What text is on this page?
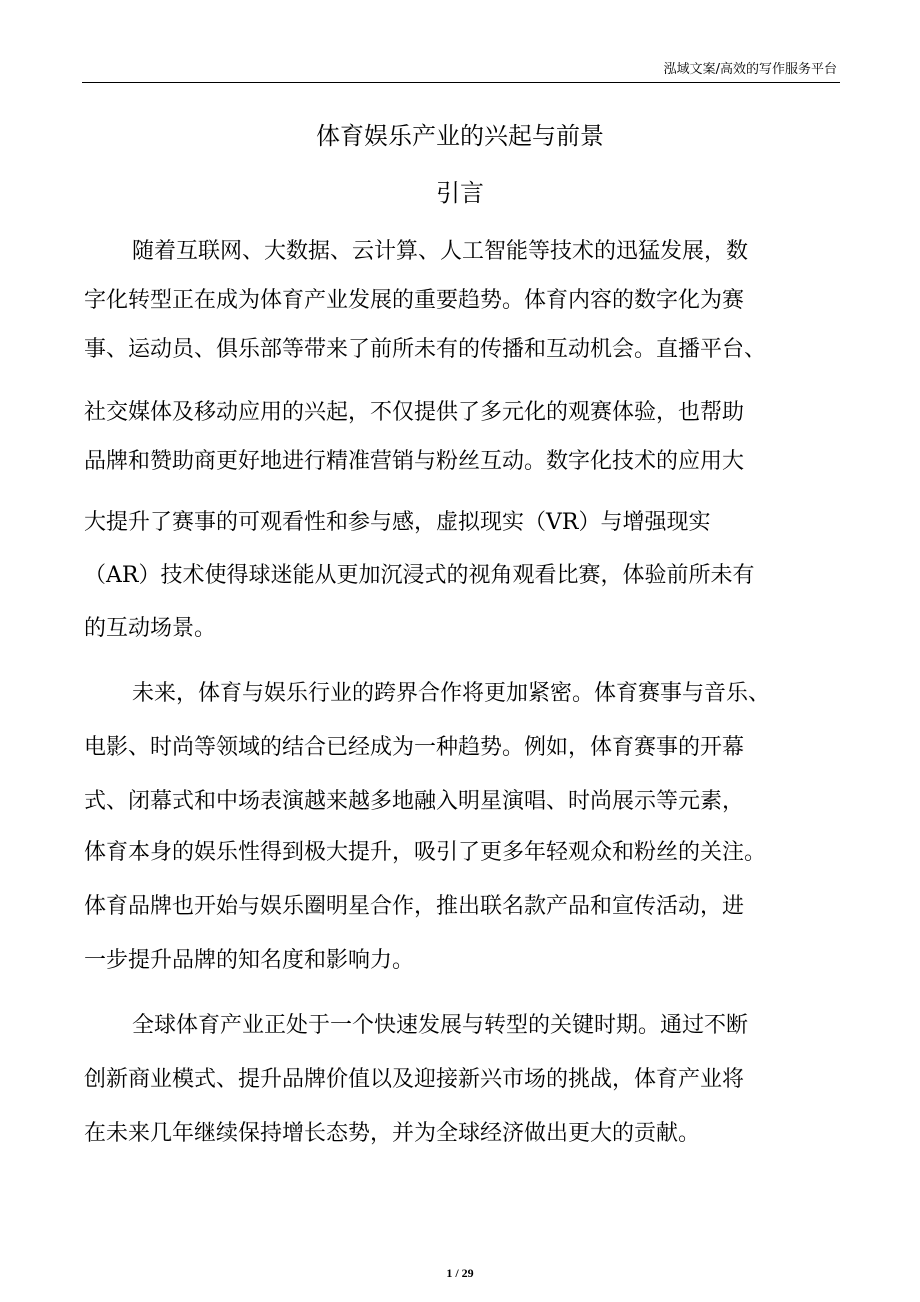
泓域文案/高效的写作服务平台
体育娱乐产业的兴起与前景
引言
随着互联网、大数据、云计算、人工智能等技术的迅猛发展，数
字化转型正在成为体育产业发展的重要趋势。体育内容的数字化为赛
事、运动员、俱乐部等带来了前所未有的传播和互动机会。直播平台、
社交媒体及移动应用的兴起，不仅提供了多元化的观赛体验，也帮助
品牌和赞助商更好地进行精准营销与粉丝互动。数字化技术的应用大
大提升了赛事的可观看性和参与感，虚拟现实（VR）与增强现实
（AR）技术使得球迷能从更加沉浸式的视角观看比赛，体验前所未有
的互动场景。
未来，体育与娱乐行业的跨界合作将更加紧密。体育赛事与音乐、
电影、时尚等领域的结合已经成为一种趋势。例如，体育赛事的开幕
式、闭幕式和中场表演越来越多地融入明星演唱、时尚展示等元素，
体育本身的娱乐性得到极大提升，吸引了更多年轻观众和粉丝的关注。
体育品牌也开始与娱乐圈明星合作，推出联名款产品和宣传活动，进
一步提升品牌的知名度和影响力。
全球体育产业正处于一个快速发展与转型的关键时期。通过不断
创新商业模式、提升品牌价值以及迎接新兴市场的挑战，体育产业将
在未来几年继续保持增长态势，并为全球经济做出更大的贡献。
1 / 29
